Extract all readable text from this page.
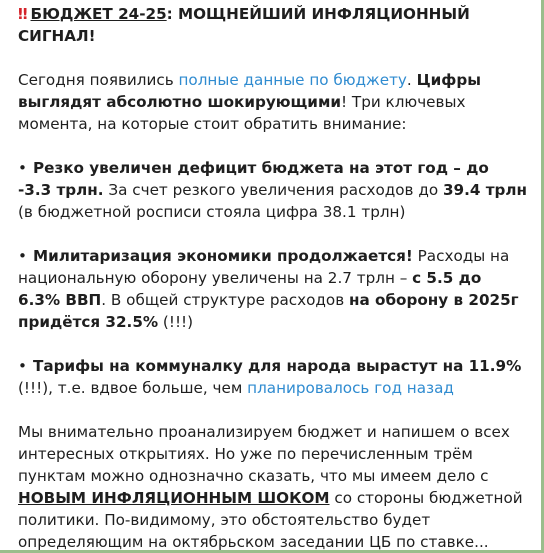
‼ БЮДЖЕТ 24-25: МОЩНЕЙШИЙ ИНФЛЯЦИОННЫЙ СИГНАЛ!

Сегодня появились полные данные по бюджету. Цифры выглядят абсолютно шокирующими! Три ключевых момента, на которые стоит обратить внимание:

• Резко увеличен дефицит бюджета на этот год – до -3.3 трлн. За счет резкого увеличения расходов до 39.4 трлн (в бюджетной росписи стояла цифра 38.1 трлн)

• Милитаризация экономики продолжается! Расходы на национальную оборону увеличены на 2.7 трлн – с 5.5 до 6.3% ВВП. В общей структуре расходов на оборону в 2025г придётся 32.5% (!!!)

• Тарифы на коммуналку для народа вырастут на 11.9% (!!!), т.е. вдвое больше, чем планировалось год назад

Мы внимательно проанализируем бюджет и напишем о всех интересных открытиях. Но уже по перечисленным трём пунктам можно однозначно сказать, что мы имеем дело с НОВЫМ ИНФЛЯЦИОННЫМ ШОКОМ со стороны бюджетной политики. По-видимому, это обстоятельство будет определяющим на октябрьском заседании ЦБ по ставке...
